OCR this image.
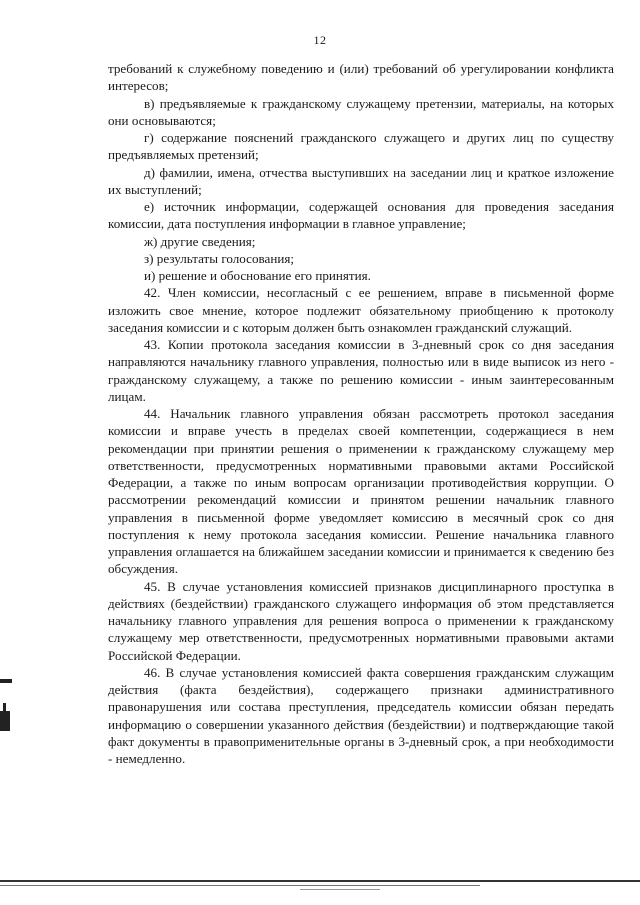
12

требований к служебному поведению и (или) требований об урегулировании конфликта интересов;

в) предъявляемые к гражданскому служащему претензии, материалы, на которых они основываются;

г) содержание пояснений гражданского служащего и других лиц по существу предъявляемых претензий;

д) фамилии, имена, отчества выступивших на заседании лиц и краткое изложение их выступлений;

е) источник информации, содержащей основания для проведения заседания комиссии, дата поступления информации в главное управление;

ж) другие сведения;

з) результаты голосования;

и) решение и обоснование его принятия.

42. Член комиссии, несогласный с ее решением, вправе в письменной форме изложить свое мнение, которое подлежит обязательному приобщению к протоколу заседания комиссии и с которым должен быть ознакомлен гражданский служащий.

43. Копии протокола заседания комиссии в 3-дневный срок со дня заседания направляются начальнику главного управления, полностью или в виде выписок из него - гражданскому служащему, а также по решению комиссии - иным заинтересованным лицам.

44. Начальник главного управления обязан рассмотреть протокол заседания комиссии и вправе учесть в пределах своей компетенции, содержащиеся в нем рекомендации при принятии решения о применении к гражданскому служащему мер ответственности, предусмотренных нормативными правовыми актами Российской Федерации, а также по иным вопросам организации противодействия коррупции. О рассмотрении рекомендаций комиссии и принятом решении начальник главного управления в письменной форме уведомляет комиссию в месячный срок со дня поступления к нему протокола заседания комиссии. Решение начальника главного управления оглашается на ближайшем заседании комиссии и принимается к сведению без обсуждения.

45. В случае установления комиссией признаков дисциплинарного проступка в действиях (бездействии) гражданского служащего информация об этом представляется начальнику главного управления для решения вопроса о применении к гражданскому служащему мер ответственности, предусмотренных нормативными правовыми актами Российской Федерации.

46. В случае установления комиссией факта совершения гражданским служащим действия (факта бездействия), содержащего признаки административного правонарушения или состава преступления, председатель комиссии обязан передать информацию о совершении указанного действия (бездействии) и подтверждающие такой факт документы в правоприменительные органы в 3-дневный срок, а при необходимости - немедленно.
